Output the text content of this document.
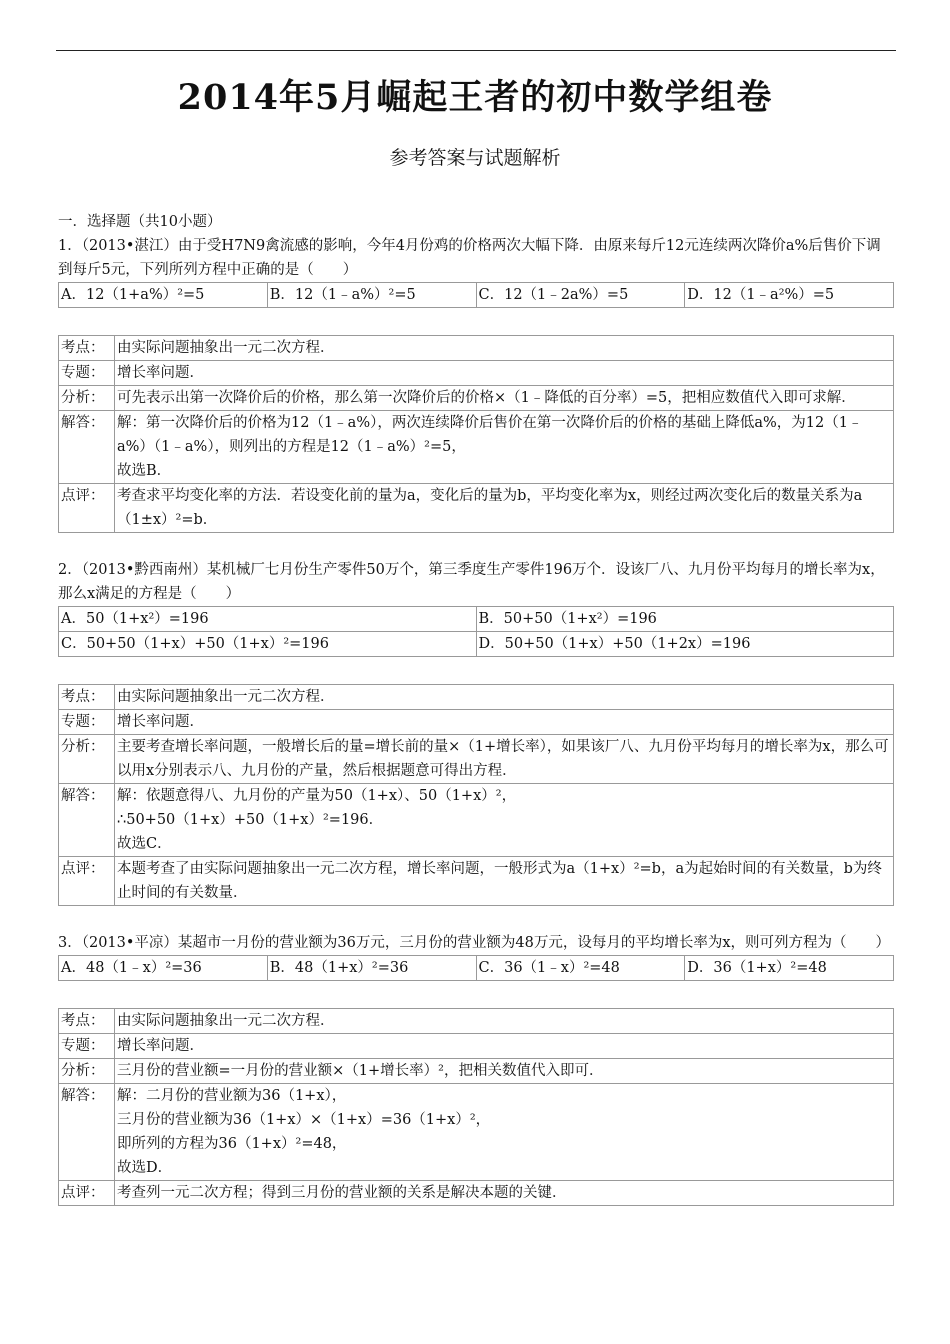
2014年5月崛起王者的初中数学组卷
参考答案与试题解析
一．选择题（共10小题）
1．（2013•湛江）由于受H7N9禽流感的影响，今年4月份鸡的价格两次大幅下降．由原来每斤12元连续两次降价a%后售价下调到每斤5元，下列所列方程中正确的是（　　）
A．12（1+a%）²=5	B．12（1﹣a%）²=5	C．12（1﹣2a%）=5	D．12（1﹣a²%）=5
考点：	由实际问题抽象出一元二次方程．
专题：	增长率问题．
分析：	可先表示出第一次降价后的价格，那么第一次降价后的价格×（1﹣降低的百分率）=5，把相应数值代入即可求解．
解答：	解：第一次降价后的价格为12（1﹣a%），两次连续降价后售价在第一次降价后的价格的基础上降低a%，为12（1﹣a%）（1﹣a%），则列出的方程是12（1﹣a%）²=5，
故选B．

点评：	考查求平均变化率的方法．若设变化前的量为a，变化后的量为b，平均变化率为x，则经过两次变化后的数量关系为a（1±x）²=b．
2．（2013•黔西南州）某机械厂七月份生产零件50万个，第三季度生产零件196万个．设该厂八、九月份平均每月的增长率为x，那么x满足的方程是（　　）
A．50（1+x²）=196	B．50+50（1+x²）=196
C．50+50（1+x）+50（1+x）²=196	D．50+50（1+x）+50（1+2x）=196
考点：	由实际问题抽象出一元二次方程．
专题：	增长率问题．
分析：	主要考查增长率问题，一般增长后的量=增长前的量×（1+增长率），如果该厂八、九月份平均每月的增长率为x，那么可以用x分别表示八、九月份的产量，然后根据题意可得出方程．
解答：	解：依题意得八、九月份的产量为50（1+x）、50（1+x）²，
∴50+50（1+x）+50（1+x）²=196．
故选C．

点评：	本题考查了由实际问题抽象出一元二次方程，增长率问题，一般形式为a（1+x）²=b，a为起始时间的有关数量，b为终止时间的有关数量．
3．（2013•平凉）某超市一月份的营业额为36万元，三月份的营业额为48万元，设每月的平均增长率为x，则可列方程为（　　）
A．48（1﹣x）²=36	B．48（1+x）²=36	C．36（1﹣x）²=48	D．36（1+x）²=48
考点：	由实际问题抽象出一元二次方程．
专题：	增长率问题．
分析：	三月份的营业额=一月份的营业额×（1+增长率）²，把相关数值代入即可．
解答：	解：二月份的营业额为36（1+x），
三月份的营业额为36（1+x）×（1+x）=36（1+x）²，
即所列的方程为36（1+x）²=48，
故选D．

点评：	考查列一元二次方程；得到三月份的营业额的关系是解决本题的关键．
